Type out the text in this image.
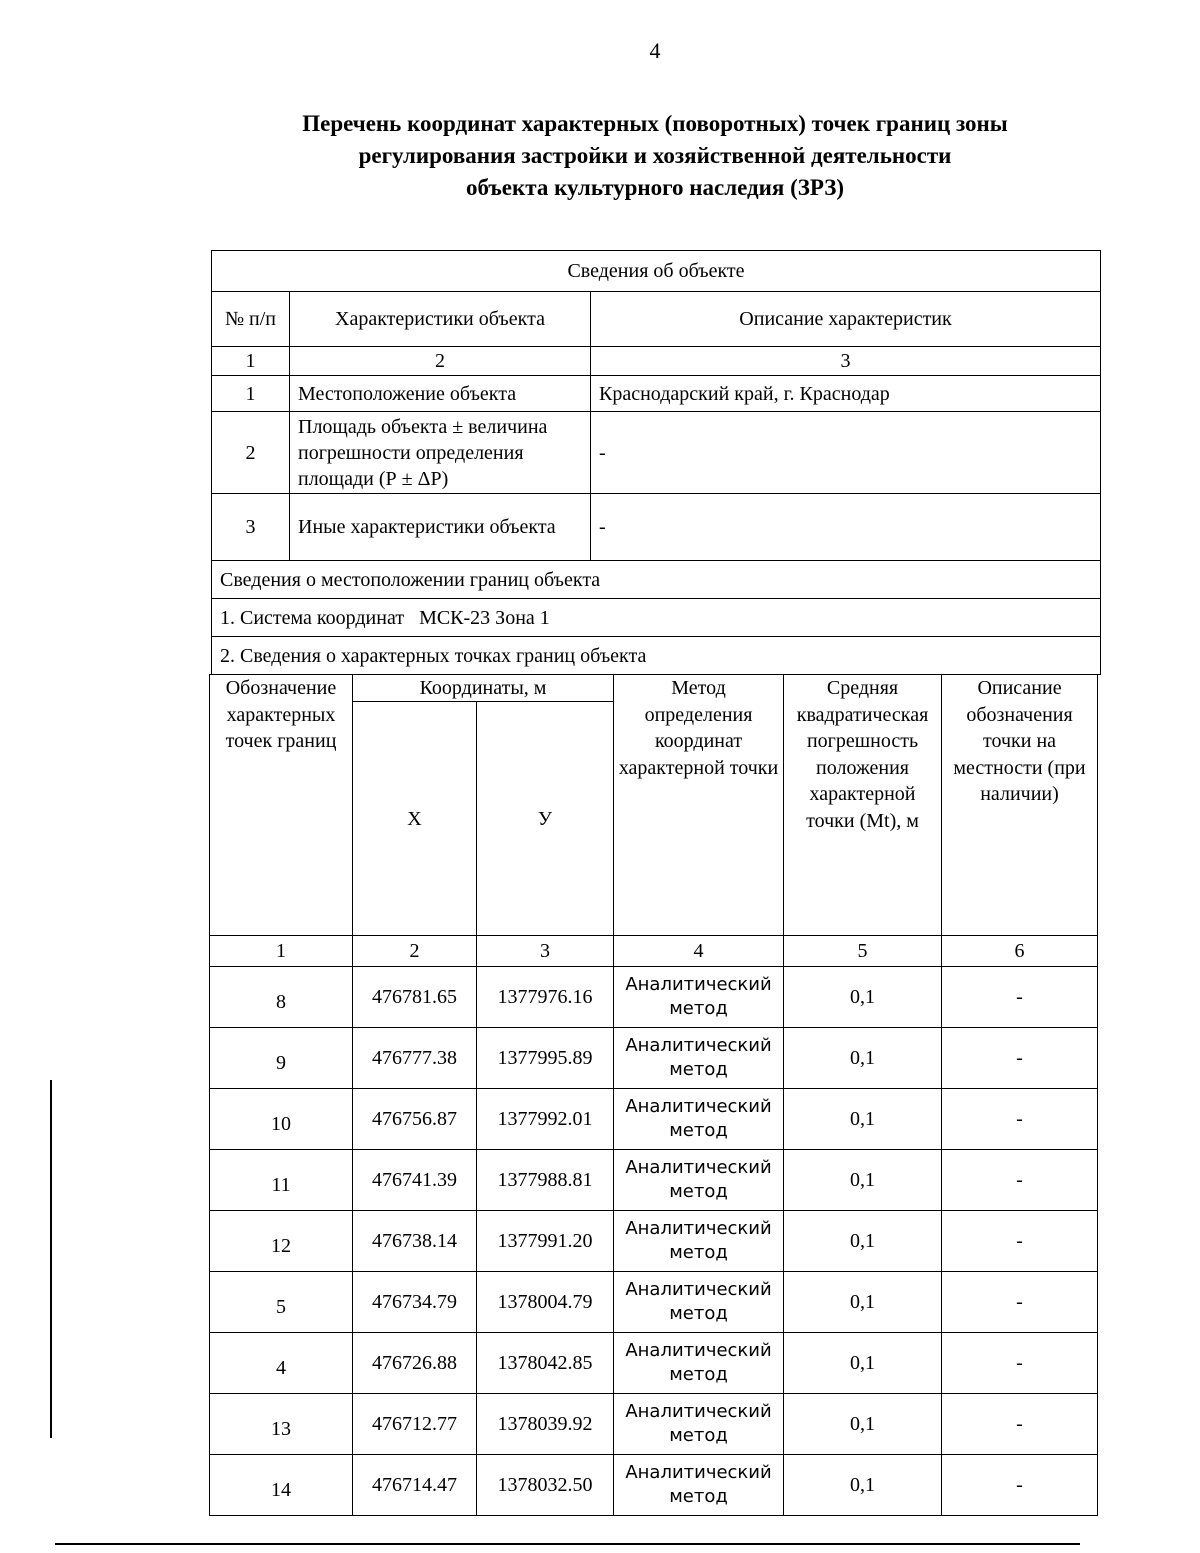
4
Перечень координат характерных (поворотных) точек границ зоны
регулирования застройки и хозяйственной деятельности
объекта культурного наследия (ЗРЗ)
Сведения об объекте		
№ п/п	Характеристики объекта	Описание характеристик
1	2	3
1	Местоположение объекта	Краснодарский край, г. Краснодар
2	Площадь объекта ± величина погрешности определения площади (Р ± ΔР)	-
3	Иные характеристики объекта	-
Сведения о местоположении границ объекта		
1. Система координат МСК-23 Зона 1		
2. Сведения о характерных точках границ объекта		
Обозначение характерных точек границ	Координаты, м		Метод определения координат характерной точки	Средняя квадратическая погрешность положения характерной точки (Mt), м	Описание обозначения точки на местности (при наличии)
	X	У			
1	2	3	4	5	6
8	476781.65	1377976.16	Аналитический метод	0,1	-
9	476777.38	1377995.89	Аналитический метод	0,1	-
10	476756.87	1377992.01	Аналитический метод	0,1	-
11	476741.39	1377988.81	Аналитический метод	0,1	-
12	476738.14	1377991.20	Аналитический метод	0,1	-
5	476734.79	1378004.79	Аналитический метод	0,1	-
4	476726.88	1378042.85	Аналитический метод	0,1	-
13	476712.77	1378039.92	Аналитический метод	0,1	-
14	476714.47	1378032.50	Аналитический метод	0,1	-
